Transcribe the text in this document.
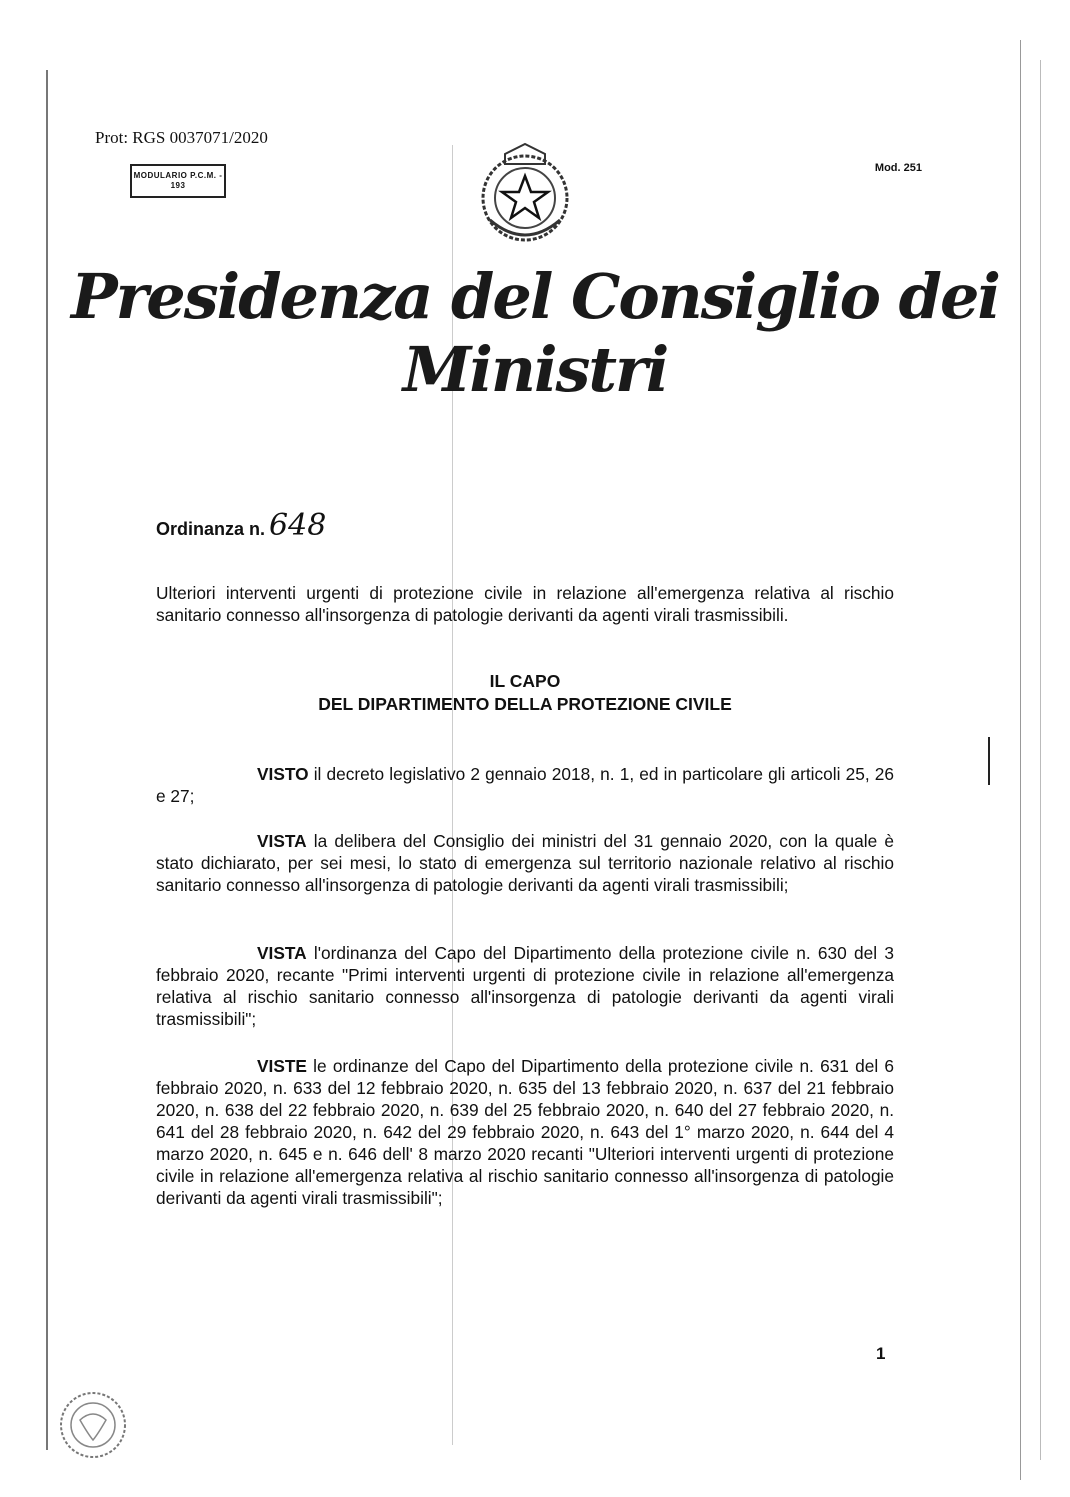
Prot: RGS 0037071/2020
MODULARIO P.C.M. - 193
Mod. 251
Presidenza del Consiglio dei Ministri
Ordinanza n. 648
Ulteriori interventi urgenti di protezione civile in relazione all'emergenza relativa al rischio sanitario connesso all'insorgenza di patologie derivanti da agenti virali trasmissibili.
IL CAPO
DEL DIPARTIMENTO DELLA PROTEZIONE CIVILE

VISTO il decreto legislativo 2 gennaio 2018, n. 1, ed in particolare gli articoli 25, 26 e 27;

VISTA la delibera del Consiglio dei ministri del 31 gennaio 2020, con la quale è stato dichiarato, per sei mesi, lo stato di emergenza sul territorio nazionale relativo al rischio sanitario connesso all'insorgenza di patologie derivanti da agenti virali trasmissibili;

VISTA l'ordinanza del Capo del Dipartimento della protezione civile n. 630 del 3 febbraio 2020, recante "Primi interventi urgenti di protezione civile in relazione all'emergenza relativa al rischio sanitario connesso all'insorgenza di patologie derivanti da agenti virali trasmissibili";

VISTE le ordinanze del Capo del Dipartimento della protezione civile n. 631 del 6 febbraio 2020, n. 633 del 12 febbraio 2020, n. 635 del 13 febbraio 2020, n. 637 del 21 febbraio 2020, n. 638 del 22 febbraio 2020, n. 639 del 25 febbraio 2020, n. 640 del 27 febbraio 2020, n. 641 del 28 febbraio 2020, n. 642 del 29 febbraio 2020, n. 643 del 1° marzo 2020, n. 644 del 4 marzo 2020, n. 645 e n. 646 dell' 8 marzo 2020 recanti "Ulteriori interventi urgenti di protezione civile in relazione all'emergenza relativa al rischio sanitario connesso all'insorgenza di patologie derivanti da agenti virali trasmissibili";

1
